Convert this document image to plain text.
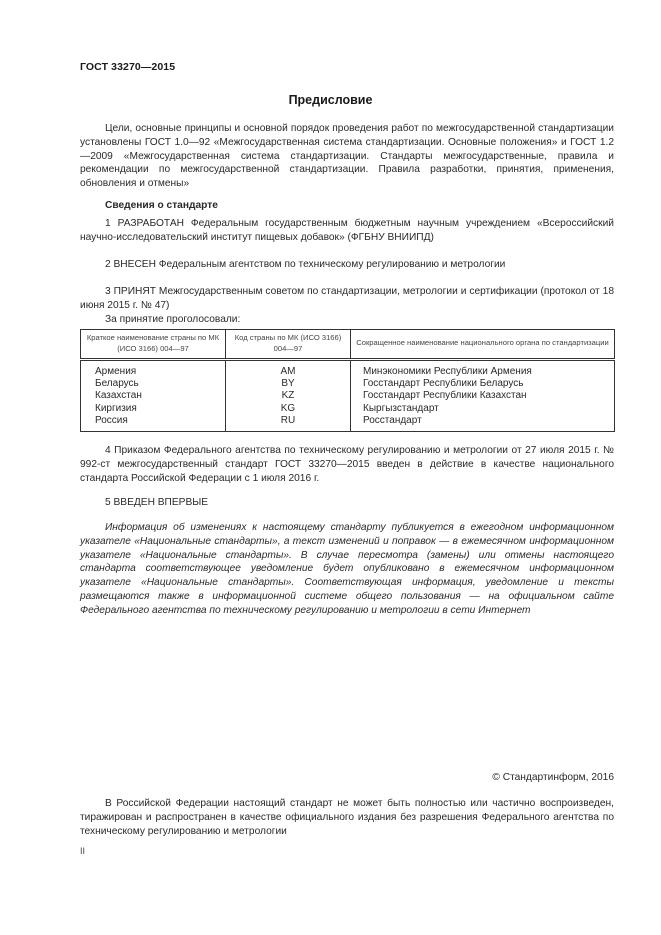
ГОСТ 33270—2015
Предисловие
Цели, основные принципы и основной порядок проведения работ по межгосударственной стандартизации установлены ГОСТ 1.0—92 «Межгосударственная система стандартизации. Основные положения» и ГОСТ 1.2—2009 «Межгосударственная система стандартизации. Стандарты межгосударственные, правила и рекомендации по межгосударственной стандартизации. Правила разработки, принятия, применения, обновления и отмены»
Сведения о стандарте
1 РАЗРАБОТАН Федеральным государственным бюджетным научным учреждением «Всероссийский научно-исследовательский институт пищевых добавок» (ФГБНУ ВНИИПД)
2 ВНЕСЕН Федеральным агентством по техническому регулированию и метрологии
3 ПРИНЯТ Межгосударственным советом по стандартизации, метрологии и сертификации (протокол от 18 июня 2015 г. № 47)
За принятие проголосовали:
Краткое наименование страны по МК (ИСО 3166) 004—97	Код страны по МК (ИСО 3166) 004—97	Сокращенное наименование национального органа по стандартизации
Армения	AM	Минэкономики Республики Армения
Беларусь	BY	Госстандарт Республики Беларусь
Казахстан	KZ	Госстандарт Республики Казахстан
Киргизия	KG	Кыргызстандарт
Россия	RU	Росстандарт
4 Приказом Федерального агентства по техническому регулированию и метрологии от 27 июля 2015 г. № 992-ст межгосударственный стандарт ГОСТ 33270—2015 введен в действие в качестве национального стандарта Российской Федерации с 1 июля 2016 г.
5 ВВЕДЕН ВПЕРВЫЕ
Информация об изменениях к настоящему стандарту публикуется в ежегодном информационном указателе «Национальные стандарты», а текст изменений и поправок — в ежемесячном информационном указателе «Национальные стандарты». В случае пересмотра (замены) или отмены настоящего стандарта соответствующее уведомление будет опубликовано в ежемесячном информационном указателе «Национальные стандарты». Соответствующая информация, уведомление и тексты размещаются также в информационной системе общего пользования — на официальном сайте Федерального агентства по техническому регулированию и метрологии в сети Интернет
© Стандартинформ, 2016
В Российской Федерации настоящий стандарт не может быть полностью или частично воспроизведен, тиражирован и распространен в качестве официального издания без разрешения Федерального агентства по техническому регулированию и метрологии
II
